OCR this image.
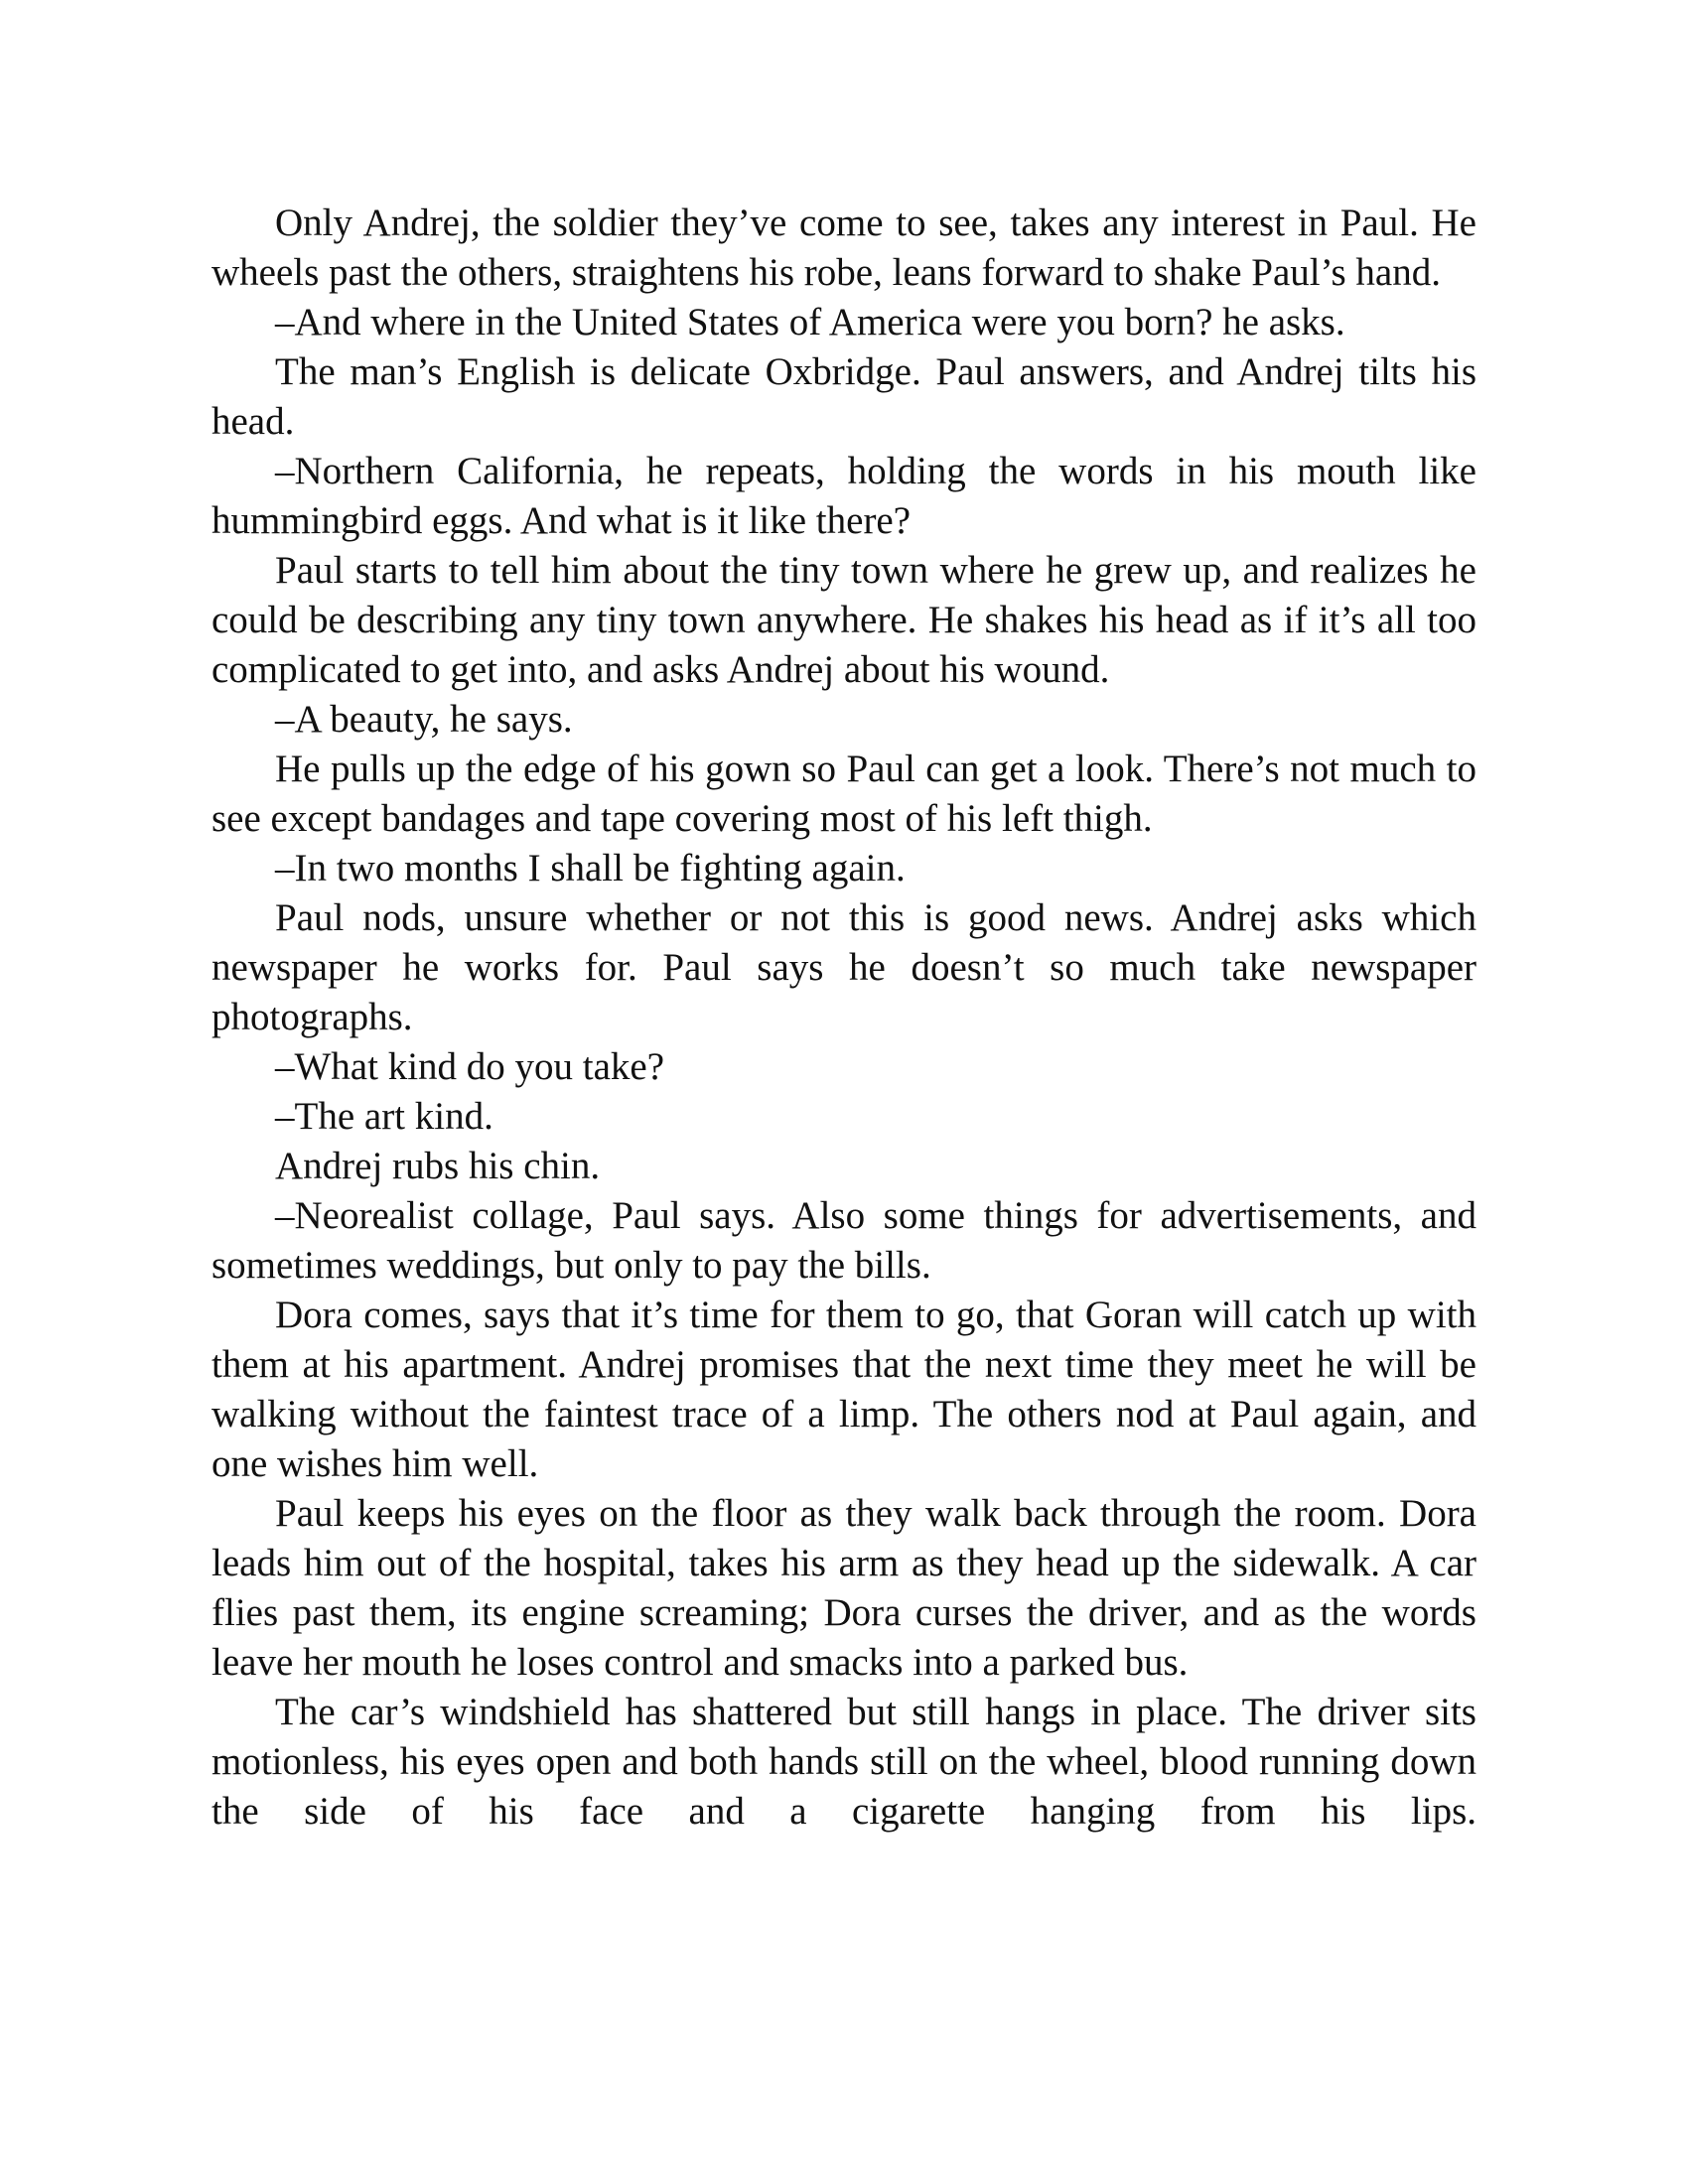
Only Andrej, the soldier they’ve come to see, takes any interest in Paul. He wheels past the others, straightens his robe, leans forward to shake Paul’s hand.

–And where in the United States of America were you born? he asks.

The man’s English is delicate Oxbridge. Paul answers, and Andrej tilts his head.

–Northern California, he repeats, holding the words in his mouth like hummingbird eggs. And what is it like there?

Paul starts to tell him about the tiny town where he grew up, and realizes he could be describing any tiny town anywhere. He shakes his head as if it’s all too complicated to get into, and asks Andrej about his wound.

–A beauty, he says.

He pulls up the edge of his gown so Paul can get a look. There’s not much to see except bandages and tape covering most of his left thigh.

–In two months I shall be fighting again.

Paul nods, unsure whether or not this is good news. Andrej asks which newspaper he works for. Paul says he doesn’t so much take newspaper photographs.

–What kind do you take?

–The art kind.

Andrej rubs his chin.

–Neorealist collage, Paul says. Also some things for advertisements, and sometimes weddings, but only to pay the bills.

Dora comes, says that it’s time for them to go, that Goran will catch up with them at his apartment. Andrej promises that the next time they meet he will be walking without the faintest trace of a limp. The others nod at Paul again, and one wishes him well.

Paul keeps his eyes on the floor as they walk back through the room. Dora leads him out of the hospital, takes his arm as they head up the sidewalk. A car flies past them, its engine screaming; Dora curses the driver, and as the words leave her mouth he loses control and smacks into a parked bus.

The car’s windshield has shattered but still hangs in place. The driver sits motionless, his eyes open and both hands still on the wheel, blood running down the side of his face and a cigarette hanging from his lips.
